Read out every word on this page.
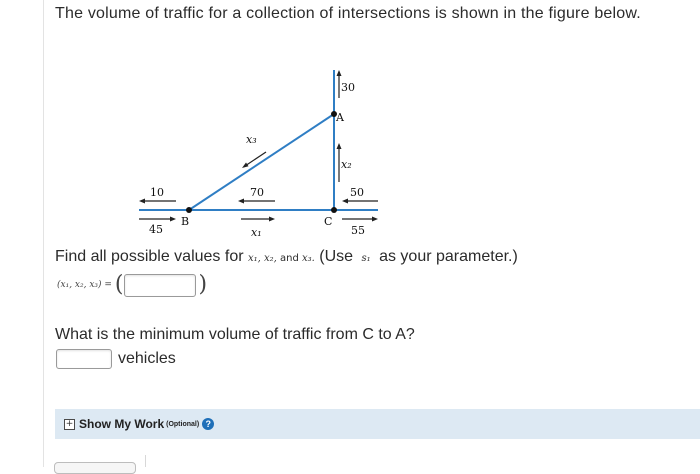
The volume of traffic for a collection of intersections is shown in the figure below.
A
B	C
30
x₃
x₂
10	70	50
45	x₁	55
Find all possible values for x₁, x₂, and x₃. (Use s₁ as your parameter.)
(x₁, x₂, x₃) = (	)
What is the minimum volume of traffic from C to A?
vehicles
+ Show My Work (Optional) ?
